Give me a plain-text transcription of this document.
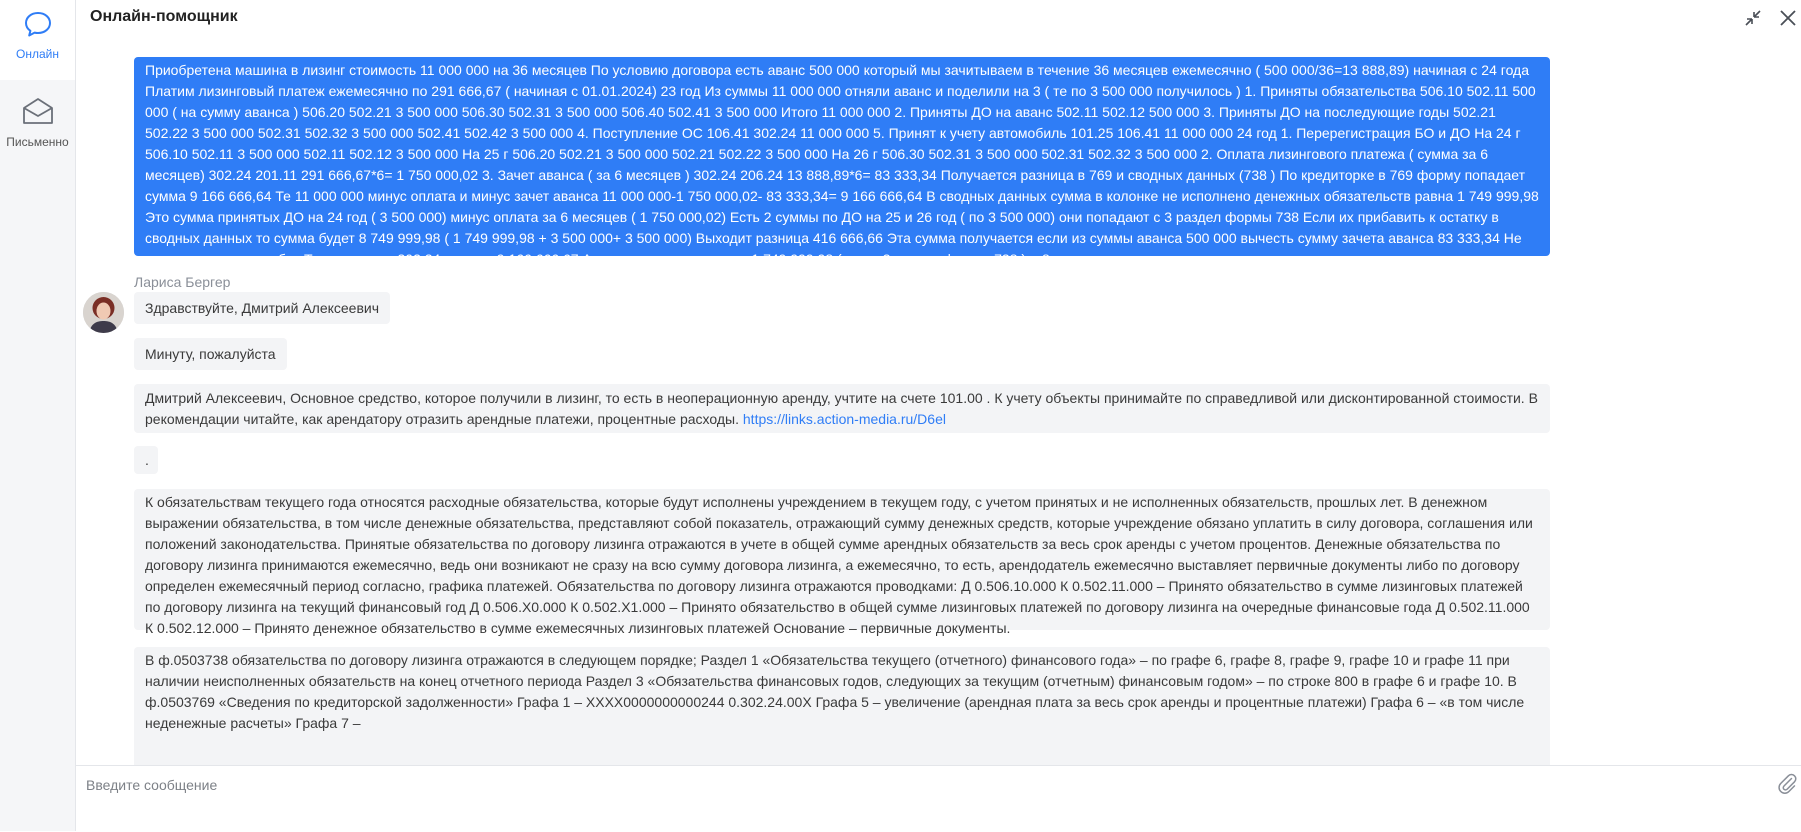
Онлайн
Письменно
Онлайн-помощник
Приобретена машина в лизинг стоимость 11 000 000 на 36 месяцев По условию договора есть аванс 500 000 который мы зачитываем в течение 36 месяцев ежемесячно ( 500 000/36=13 888,89) начиная с 24 года Платим лизинговый платеж ежемесячно по 291 666,67 ( начиная с 01.01.2024) 23 год Из суммы 11 000 000 отняли аванс и поделили на 3 ( те по 3 500 000 получилось ) 1. Приняты обязательства 506.10 502.11 500 000 ( на сумму аванса ) 506.20 502.21 3 500 000 506.30 502.31 3 500 000 506.40 502.41 3 500 000 Итого 11 000 000 2. Приняты ДО на аванс 502.11 502.12 500 000 3. Приняты ДО на последующие годы 502.21 502.22 3 500 000 502.31 502.32 3 500 000 502.41 502.42 3 500 000 4. Поступление ОС 106.41 302.24 11 000 000 5. Принят к учету автомобиль 101.25 106.41 11 000 000 24 год 1. Перерегистрация БО и ДО На 24 г 506.10 502.11 3 500 000 502.11 502.12 3 500 000 На 25 г 506.20 502.21 3 500 000 502.21 502.22 3 500 000 На 26 г 506.30 502.31 3 500 000 502.31 502.32 3 500 000 2. Оплата лизингового платежа ( сумма за 6 месяцев) 302.24 201.11 291 666,67*6= 1 750 000,02 3. Зачет аванса ( за 6 месяцев ) 302.24 206.24 13 888,89*6= 83 333,34 Получается разница в 769 и сводных данных (738 ) По кредиторке в 769 форму попадает сумма 9 166 666,64 Те 11 000 000 минус оплата и минус зачет аванса 11 000 000-1 750 000,02- 83 333,34= 9 166 666,64 В сводных данных сумма в колонке не исполнено денежных обязательств равна 1 749 999,98 Это сумма принятых ДО на 24 год ( 3 500 000) минус оплата за 6 месяцев ( 1 750 000,02) Есть 2 суммы по ДО на 25 и 26 год ( по 3 500 000) они попадают с 3 раздел формы 738 Если их прибавить к остатку в сводных данных то сумма будет 8 749 999,98 ( 1 749 999,98 + 3 500 000+ 3 500 000) Выходит разница 416 666,66 Эта сумма получается если из суммы аванса 500 000 вычесть сумму зачета аванса 83 333,34 Не могу понять где ошибка Те по кредиту 302.24 остаток 9 166 666,67 А сводных данных сумма 1 749 999,98 ( плюс 3 раздел формы 738 ) = 8
Лариса Бергер
Здравствуйте, Дмитрий Алексеевич
Минуту, пожалуйста
Дмитрий Алексеевич, Основное средство, которое получили в лизинг, то есть в неоперационную аренду, учтите на счете 101.00 . К учету объекты принимайте по справедливой или дисконтированной стоимости. В рекомендации читайте, как арендатору отразить арендные платежи, процентные расходы. https://links.action-media.ru/D6el
.
К обязательствам текущего года относятся расходные обязательства, которые будут исполнены учреждением в текущем году, с учетом принятых и не исполненных обязательств, прошлых лет. В денежном выражении обязательства, в том числе денежные обязательства, представляют собой показатель, отражающий сумму денежных средств, которые учреждение обязано уплатить в силу договора, соглашения или положений законодательства. Принятые обязательства по договору лизинга отражаются в учете в общей сумме арендных обязательств за весь срок аренды с учетом процентов. Денежные обязательства по договору лизинга принимаются ежемесячно, ведь они возникают не сразу на всю сумму договора лизинга, а ежемесячно, то есть, арендодатель ежемесячно выставляет первичные документы либо по договору определен ежемесячный период согласно, графика платежей. Обязательства по договору лизинга отражаются проводками: Д 0.506.10.000 К 0.502.11.000 – Принято обязательство в сумме лизинговых платежей по договору лизинга на текущий финансовый год Д 0.506.Х0.000 К 0.502.Х1.000 – Принято обязательство в общей сумме лизинговых платежей по договору лизинга на очередные финансовые года Д 0.502.11.000 К 0.502.12.000 – Принято денежное обязательство в сумме ежемесячных лизинговых платежей Основание – первичные документы.
В ф.0503738 обязательства по договору лизинга отражаются в следующем порядке; Раздел 1 «Обязательства текущего (отчетного) финансового года» – по графе 6, графе 8, графе 9, графе 10 и графе 11 при наличии неисполненных обязательств на конец отчетного периода Раздел 3 «Обязательства финансовых годов, следующих за текущим (отчетным) финансовым годом» – по строке 800 в графе 6 и графе 10. В ф.0503769 «Сведения по кредиторской задолженности» Графа 1 – ХХХХ0000000000244 0.302.24.00Х Графа 5 – увеличение (арендная плата за весь срок аренды и процентные платежи) Графа 6 – «в том числе неденежные расчеты» Графа 7 –
Введите сообщение
